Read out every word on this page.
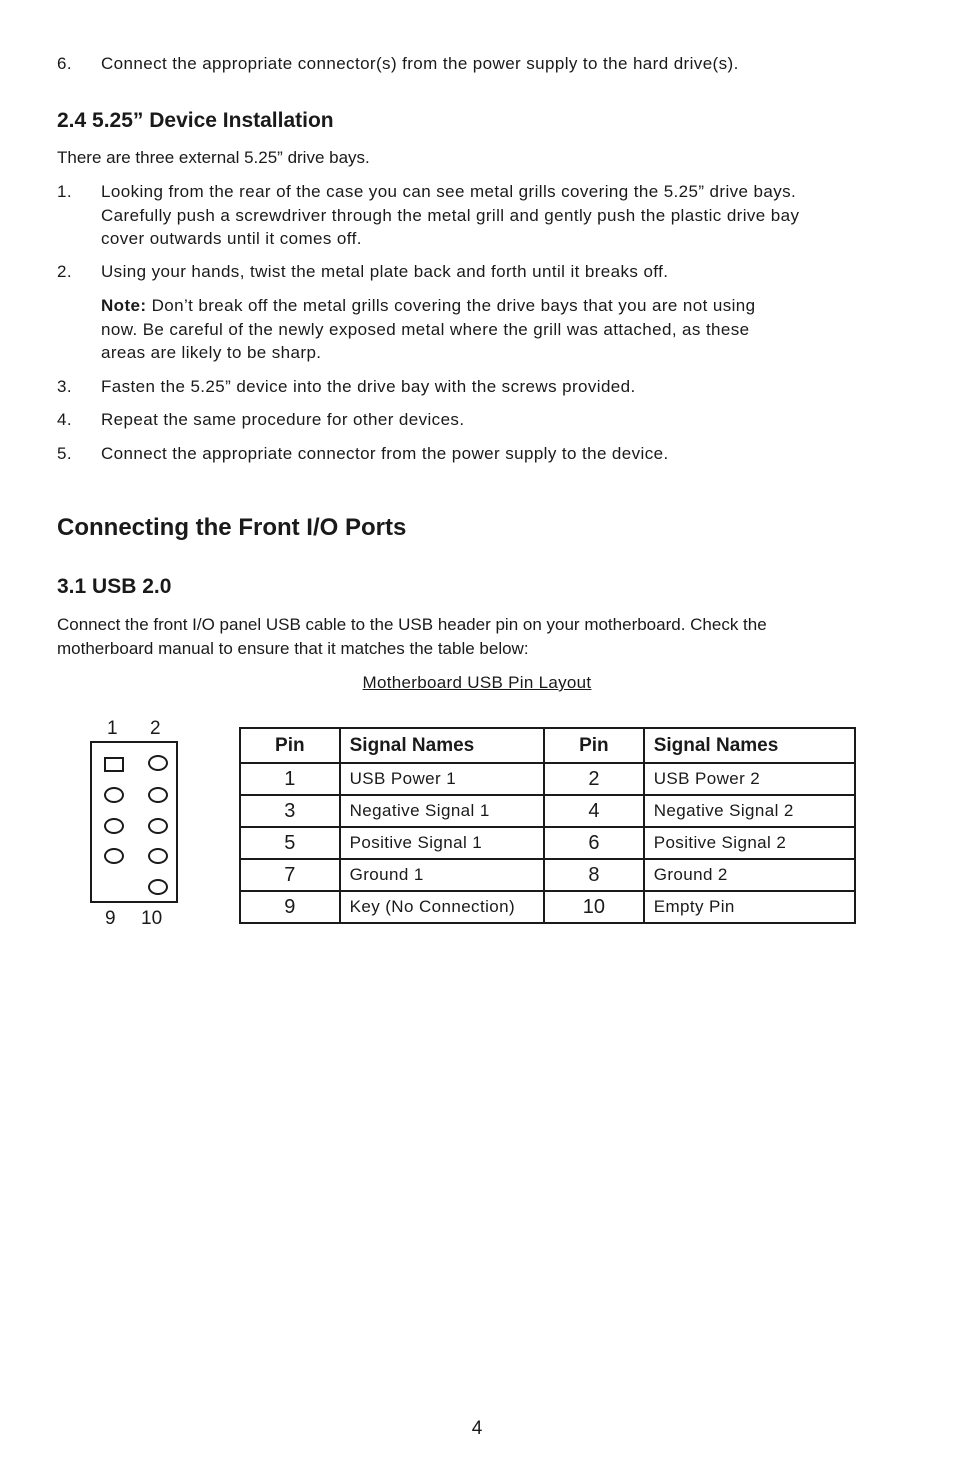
6. Connect the appropriate connector(s) from the power supply to the hard drive(s).
2.4 5.25” Device Installation
There are three external 5.25” drive bays.
1. Looking from the rear of the case you can see metal grills covering the 5.25” drive bays.
Carefully push a screwdriver through the metal grill and gently push the plastic drive bay
cover outwards until it comes off.
2. Using your hands, twist the metal plate back and forth until it breaks off.
Note: Don’t break off the metal grills covering the drive bays that you are not using
now. Be careful of the newly exposed metal where the grill was attached, as these
areas are likely to be sharp.
3. Fasten the 5.25” device into the drive bay with the screws provided.
4. Repeat the same procedure for other devices.
5. Connect the appropriate connector from the power supply to the device.
Connecting the Front I/O Ports
3.1 USB 2.0
Connect the front I/O panel USB cable to the USB header pin on your motherboard. Check the
motherboard manual to ensure that it matches the table below:
Motherboard USB Pin Layout
1 2
9 10
Pin	Signal Names	Pin	Signal Names
1	USB Power 1	2	USB Power 2
3	Negative Signal 1	4	Negative Signal 2
5	Positive Signal 1	6	Positive Signal 2
7	Ground 1	8	Ground 2
9	Key (No Connection)	10	Empty Pin
4
